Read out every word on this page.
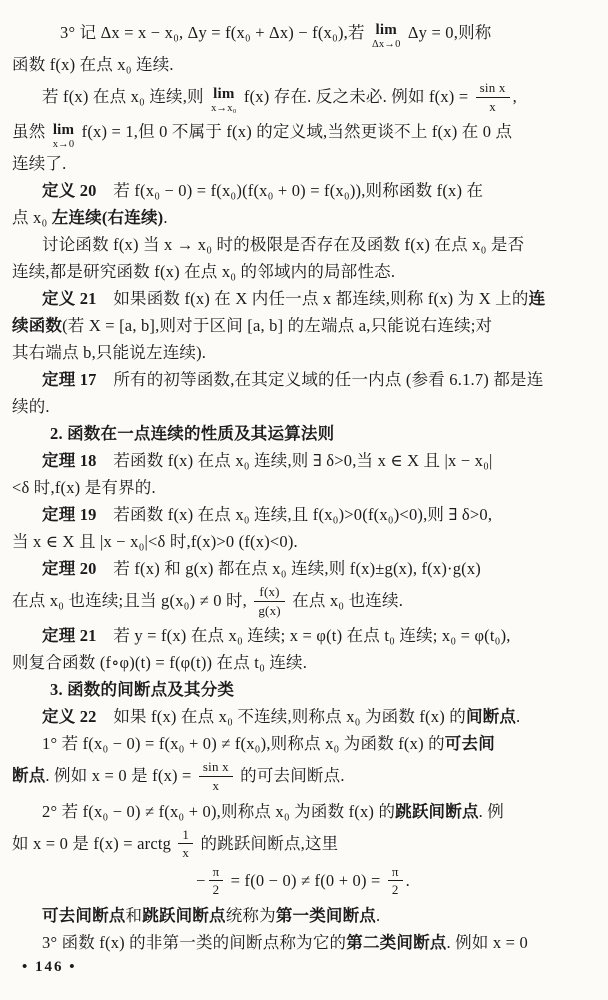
3° 记 Δx = x − x₀, Δy = f(x₀ + Δx) − f(x₀),若 lim
Δx→0
Δy = 0,则称
函数 f(x) 在点 x₀ 连续.
若 f(x) 在点 x₀ 连续,则 lim
x→x₀
f(x) 存在. 反之未必. 例如 $f(x) = \frac{\text{sin x}}{x}$ ,
虽然 lim
x→0
f(x) = 1,但 0 不属于 f(x) 的定义域,当然更谈不上 f(x) 在 0 点
连续了.
定义 20　若 f(x₀ − 0) = f(x₀)(f(x₀ + 0) = f(x₀)),则称函数 f(x) 在
点 x₀ 左连续(右连续).
讨论函数 f(x) 当 x → x₀ 时的极限是否存在及函数 f(x) 在点 x₀ 是否
连续,都是研究函数 f(x) 在点 x₀ 的邻域内的局部性态.
定义 21　如果函数 f(x) 在 X 内任一点 x 都连续,则称 f(x) 为 X 上的连
续函数(若 X = [a, b],则对于区间 [a, b] 的左端点 a,只能说右连续;对
其右端点 b,只能说左连续).
定理 17　所有的初等函数,在其定义域的任一内点 (参看 6.1.7) 都是连
续的.
2. 函数在一点连续的性质及其运算法则
定理 18　若函数 f(x) 在点 x₀ 连续,则 ∃ δ>0,当 x ∈ X 且 |x − x₀|
<δ 时,f(x) 是有界的.
定理 19　若函数 f(x) 在点 x₀ 连续,且 f(x₀)>0(f(x₀)<0),则 ∃ δ>0,
当 x ∈ X 且 |x − x₀|<δ 时,f(x)>0 (f(x)<0).
定理 20　若 f(x) 和 g(x) 都在点 x₀ 连续,则 f(x)±g(x), f(x)·g(x)
在点 x₀ 也连续;且当 g(x₀) ≠ 0 时, $\frac{f(x)}{g(x)}$ 在点 x₀ 也连续.
定理 21　若 y = f(x) 在点 x₀ 连续; x = φ(t) 在点 t₀ 连续; x₀ = φ(t₀),
则复合函数 (f∘φ)(t) = f(φ(t)) 在点 t₀ 连续.
3. 函数的间断点及其分类
定义 22　如果 f(x) 在点 x₀ 不连续,则称点 x₀ 为函数 f(x) 的间断点.
1° 若 f(x₀ − 0) = f(x₀ + 0) ≠ f(x₀),则称点 x₀ 为函数 f(x) 的可去间
断点. 例如 x = 0 是 $f(x) = \frac{\text{sin x}}{x}$ 的可去间断点.
2° 若 f(x₀ − 0) ≠ f(x₀ + 0),则称点 x₀ 为函数 f(x) 的跳跃间断点. 例
如 x = 0 是 f(x) = arctg $\frac{1}{x}$ 的跳跃间断点,这里
− $\frac{\pi}{2} = f(0 - 0) \ne f(0 + 0) = \frac{\pi}{2}$ .
可去间断点和跳跃间断点统称为第一类间断点.
3° 函数 f(x) 的非第一类的间断点称为它的第二类间断点. 例如 x = 0
• 146 •
